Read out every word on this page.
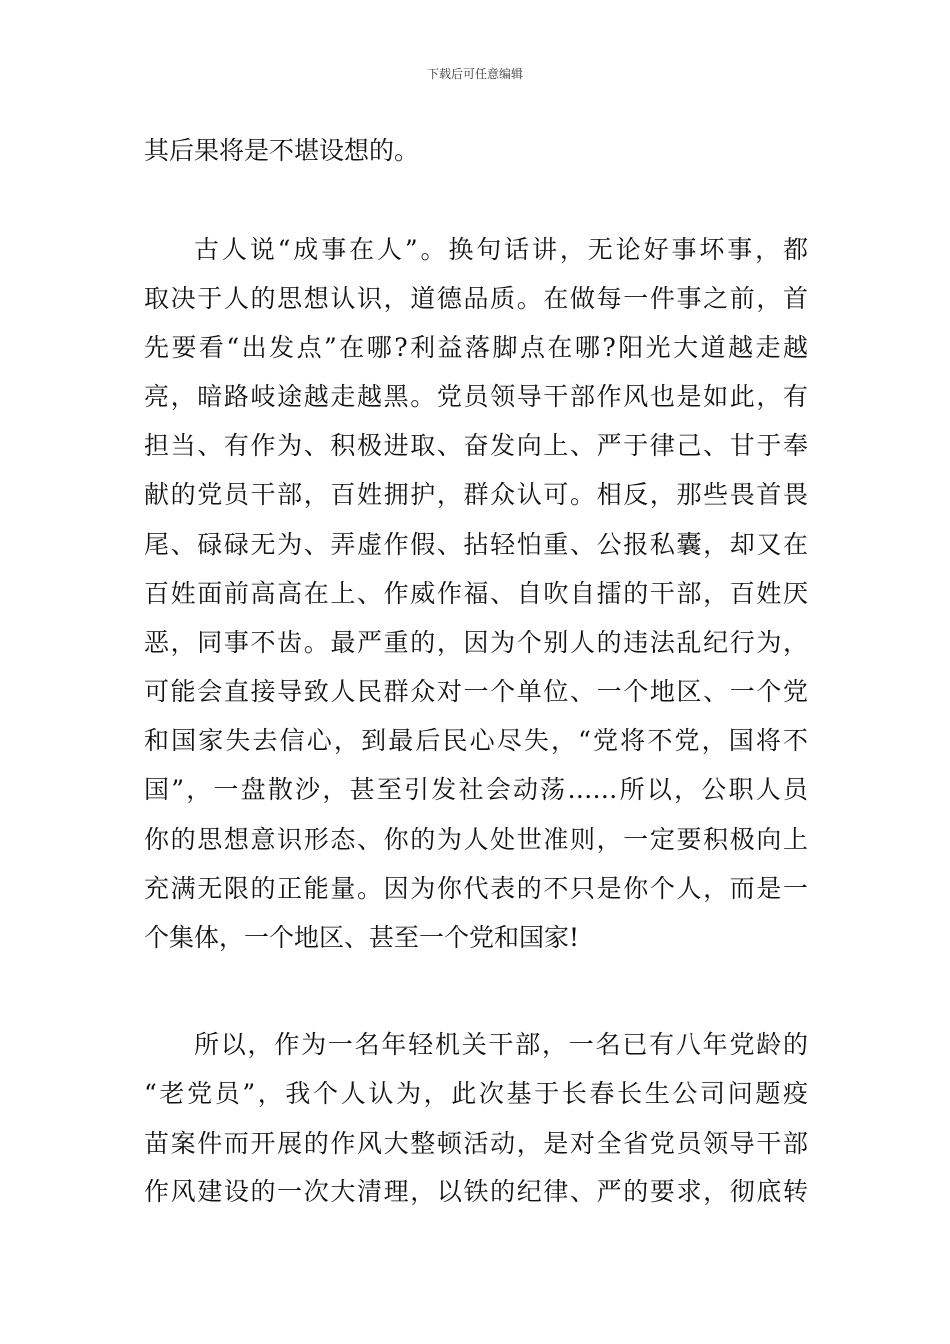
下载后可任意编辑
其后果将是不堪设想的。
古人说“成事在人”。换句话讲，无论好事坏事，都
取决于人的思想认识，道德品质。在做每一件事之前，首
先要看“出发点”在哪?利益落脚点在哪?阳光大道越走越
亮，暗路岐途越走越黑。党员领导干部作风也是如此，有
担当、有作为、积极进取、奋发向上、严于律己、甘于奉
献的党员干部，百姓拥护，群众认可。相反，那些畏首畏
尾、碌碌无为、弄虚作假、拈轻怕重、公报私囊，却又在
百姓面前高高在上、作威作福、自吹自擂的干部，百姓厌
恶，同事不齿。最严重的，因为个别人的违法乱纪行为，
可能会直接导致人民群众对一个单位、一个地区、一个党
和国家失去信心，到最后民心尽失，“党将不党，国将不
国”，一盘散沙，甚至引发社会动荡……所以，公职人员
你的思想意识形态、你的为人处世准则，一定要积极向上
充满无限的正能量。因为你代表的不只是你个人，而是一
个集体，一个地区、甚至一个党和国家!
所以，作为一名年轻机关干部，一名已有八年党龄的
“老党员”，我个人认为，此次基于长春长生公司问题疫
苗案件而开展的作风大整顿活动，是对全省党员领导干部
作风建设的一次大清理，以铁的纪律、严的要求，彻底转
